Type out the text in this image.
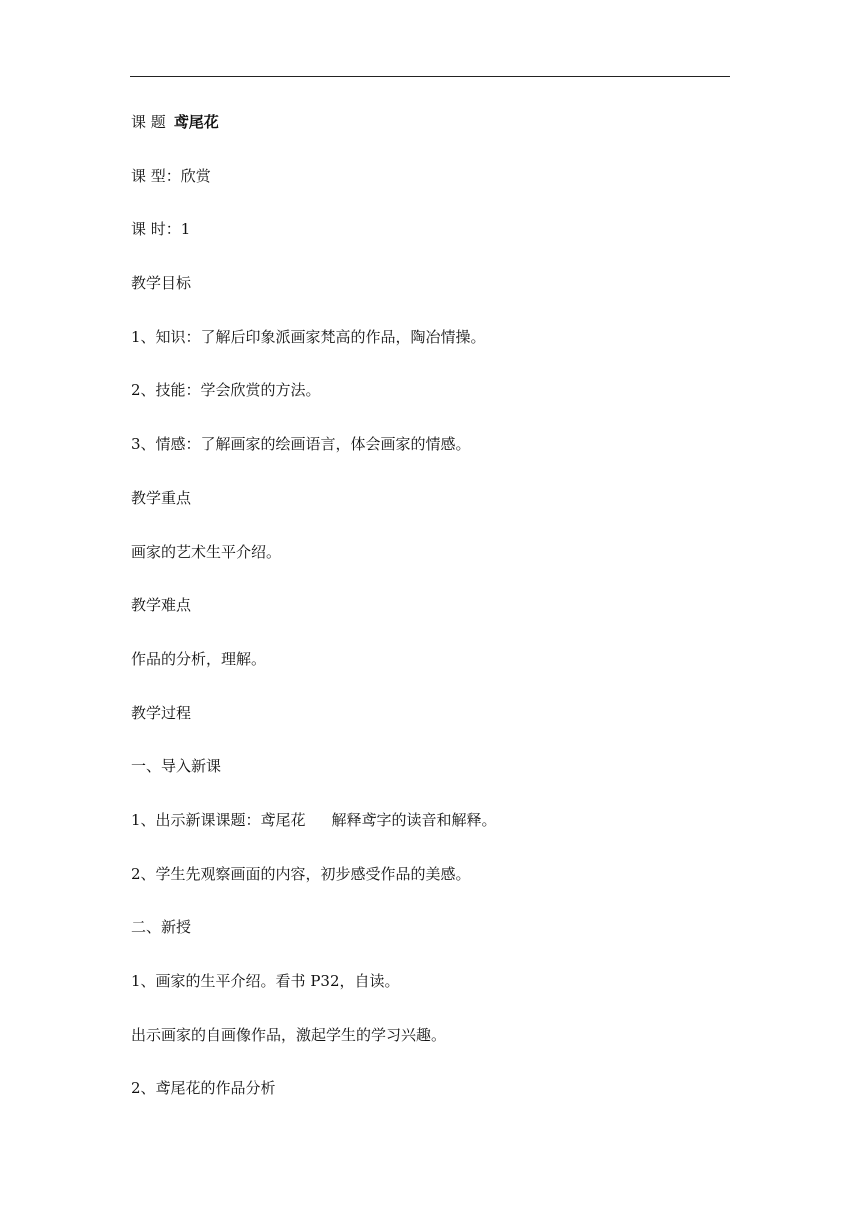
课 题 鸢尾花
课 型：欣赏
课 时：1
教学目标
1、知识：了解后印象派画家梵高的作品，陶冶情操。
2、技能：学会欣赏的方法。
3、情感：了解画家的绘画语言，体会画家的情感。
教学重点
画家的艺术生平介绍。
教学难点
作品的分析，理解。
教学过程
一、导入新课
1、出示新课课题：鸢尾花 解释鸢字的读音和解释。
2、学生先观察画面的内容，初步感受作品的美感。
二、新授
1、画家的生平介绍。看书 P32，自读。
出示画家的自画像作品，激起学生的学习兴趣。
2、鸢尾花的作品分析
